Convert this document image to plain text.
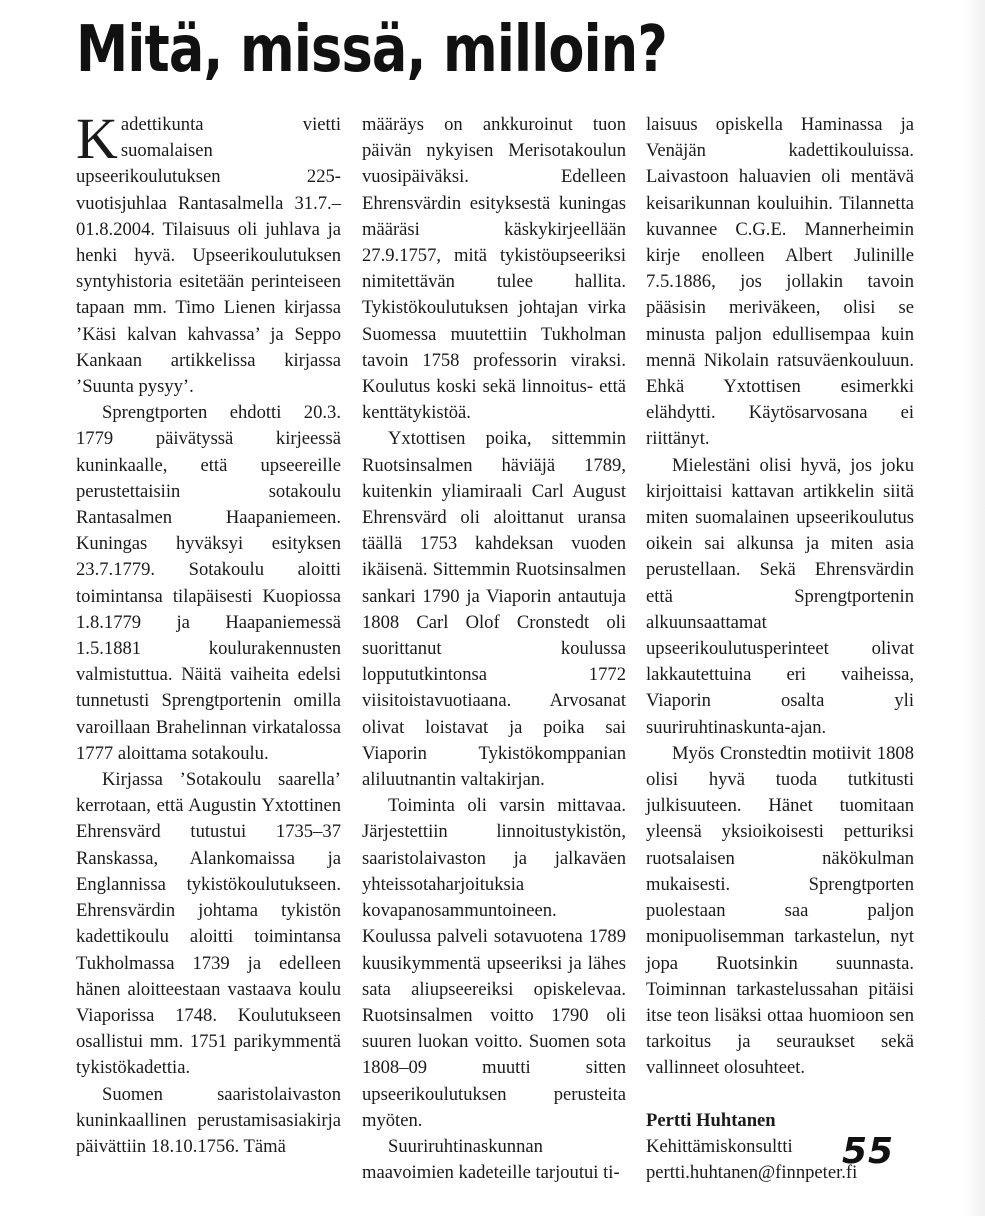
Mitä, missä, milloin?

Kadettikunta vietti suomalaisen upseerikoulutuksen 225-vuotisjuhlaa Rantasalmella 31.7.–01.8.2004. Tilaisuus oli juhlava ja henki hyvä. Upseerikoulutuksen syntyhistoria esitetään perinteiseen tapaan mm. Timo Lienen kirjassa ’Käsi kalvan kahvassa’ ja Seppo Kankaan artikkelissa kirjassa ’Suunta pysyy’.

Sprengtporten ehdotti 20.3. 1779 päivätyssä kirjeessä kuninkaalle, että upseereille perustettaisiin sotakoulu Rantasalmen Haapaniemeen. Kuningas hyväksyi esityksen 23.7.1779. Sotakoulu aloitti toimintansa tilapäisesti Kuopiossa 1.8.1779 ja Haapaniemessä 1.5.1881 koulurakennusten valmistuttua. Näitä vaiheita edelsi tunnetusti Sprengtportenin omilla varoillaan Brahelinnan virkatalossa 1777 aloittama sotakoulu.

Kirjassa ’Sotakoulu saarella’ kerrotaan, että Augustin Yxtottinen Ehrensvärd tutustui 1735–37 Ranskassa, Alankomaissa ja Englannissa tykistökoulutukseen. Ehrensvärdin johtama tykistön kadettikoulu aloitti toimintansa Tukholmassa 1739 ja edelleen hänen aloitteestaan vastaava koulu Viaporissa 1748. Koulutukseen osallistui mm. 1751 parikymmentä tykistökadettia.

Suomen saaristolaivaston kuninkaallinen perustamisasiakirja päivättiin 18.10.1756. Tämä

määräys on ankkuroinut tuon päivän nykyisen Merisotakoulun vuosipäiväksi. Edelleen Ehrensvärdin esityksestä kuningas määräsi käskykirjeellään 27.9.1757, mitä tykistöupseeriksi nimitettävän tulee hallita. Tykistökoulutuksen johtajan virka Suomessa muutettiin Tukholman tavoin 1758 professorin viraksi. Koulutus koski sekä linnoitus- että kenttätykistöä.

Yxtottisen poika, sittemmin Ruotsinsalmen häviäjä 1789, kuitenkin yliamiraali Carl August Ehrensvärd oli aloittanut uransa täällä 1753 kahdeksan vuoden ikäisenä. Sittemmin Ruotsinsalmen sankari 1790 ja Viaporin antautuja 1808 Carl Olof Cronstedt oli suorittanut koulussa loppututkintonsa 1772 viisitoistavuotiaana. Arvosanat olivat loistavat ja poika sai Viaporin Tykistökomppanian aliluutnantin valtakirjan.

Toiminta oli varsin mittavaa. Järjestettiin linnoitustykistön, saaristolaivaston ja jalkaväen yhteissotaharjoituksia kovapanosammuntoineen. Koulussa palveli sotavuotena 1789 kuusikymmentä upseeriksi ja lähes sata aliupseereiksi opiskelevaa. Ruotsinsalmen voitto 1790 oli suuren luokan voitto. Suomen sota 1808–09 muutti sitten upseerikoulutuksen perusteita myöten.

Suuriruhtinaskunnan maavoimien kadeteille tarjoutui ti-

laisuus opiskella Haminassa ja Venäjän kadettikouluissa. Laivastoon haluavien oli mentävä keisarikunnan kouluihin. Tilannetta kuvannee C.G.E. Mannerheimin kirje enolleen Albert Julinille 7.5.1886, jos jollakin tavoin pääsisin meriväkeen, olisi se minusta paljon edullisempaa kuin mennä Nikolain ratsuväenkouluun. Ehkä Yxtottisen esimerkki elähdytti. Käytösarvosana ei riittänyt.

Mielestäni olisi hyvä, jos joku kirjoittaisi kattavan artikkelin siitä miten suomalainen upseerikoulutus oikein sai alkunsa ja miten asia perustellaan. Sekä Ehrensvärdin että Sprengtportenin alkuunsaattamat upseerikoulutusperinteet olivat lakkautettuina eri vaiheissa, Viaporin osalta yli suuriruhtinaskunta-ajan.

Myös Cronstedtin motiivit 1808 olisi hyvä tuoda tutkitusti julkisuuteen. Hänet tuomitaan yleensä yksioikoisesti petturiksi ruotsalaisen näkökulman mukaisesti. Sprengtporten puolestaan saa paljon monipuolisemman tarkastelun, nyt jopa Ruotsinkin suunnasta. Toiminnan tarkastelussahan pitäisi itse teon lisäksi ottaa huomioon sen tarkoitus ja seuraukset sekä vallinneet olosuhteet.

Pertti Huhtanen
Kehittämiskonsultti
pertti.huhtanen@finnpeter.fi
55
